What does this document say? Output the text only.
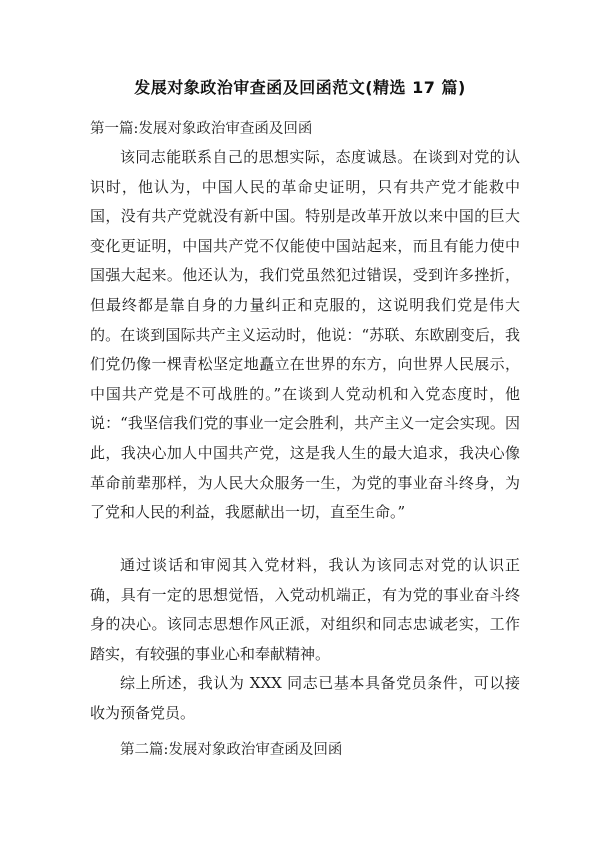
发展对象政治审查函及回函范文(精选 17 篇)
第一篇:发展对象政治审查函及回函

该同志能联系自己的思想实际，态度诚恳。在谈到对党的认识时，他认为，中国人民的革命史证明，只有共产党才能救中国，没有共产党就没有新中国。特别是改革开放以来中国的巨大变化更证明，中国共产党不仅能使中国站起来，而且有能力使中国强大起来。他还认为，我们党虽然犯过错误，受到许多挫折，但最终都是靠自身的力量纠正和克服的，这说明我们党是伟大的。在谈到国际共产主义运动时，他说：“苏联、东欧剧变后，我们党仍像一棵青松坚定地矗立在世界的东方，向世界人民展示，中国共产党是不可战胜的。”在谈到人党动机和入党态度时，他说：“我坚信我们党的事业一定会胜利，共产主义一定会实现。因此，我决心加人中国共产党，这是我人生的最大追求，我决心像革命前辈那样，为人民大众服务一生，为党的事业奋斗终身，为了党和人民的利益，我愿献出一切，直至生命。”

通过谈话和审阅其入党材料，我认为该同志对党的认识正确，具有一定的思想觉悟，入党动机端正，有为党的事业奋斗终身的决心。该同志思想作风正派，对组织和同志忠诚老实，工作踏实，有较强的事业心和奉献精神。

综上所述，我认为 XXX 同志已基本具备党员条件，可以接收为预备党员。

第二篇:发展对象政治审查函及回函
